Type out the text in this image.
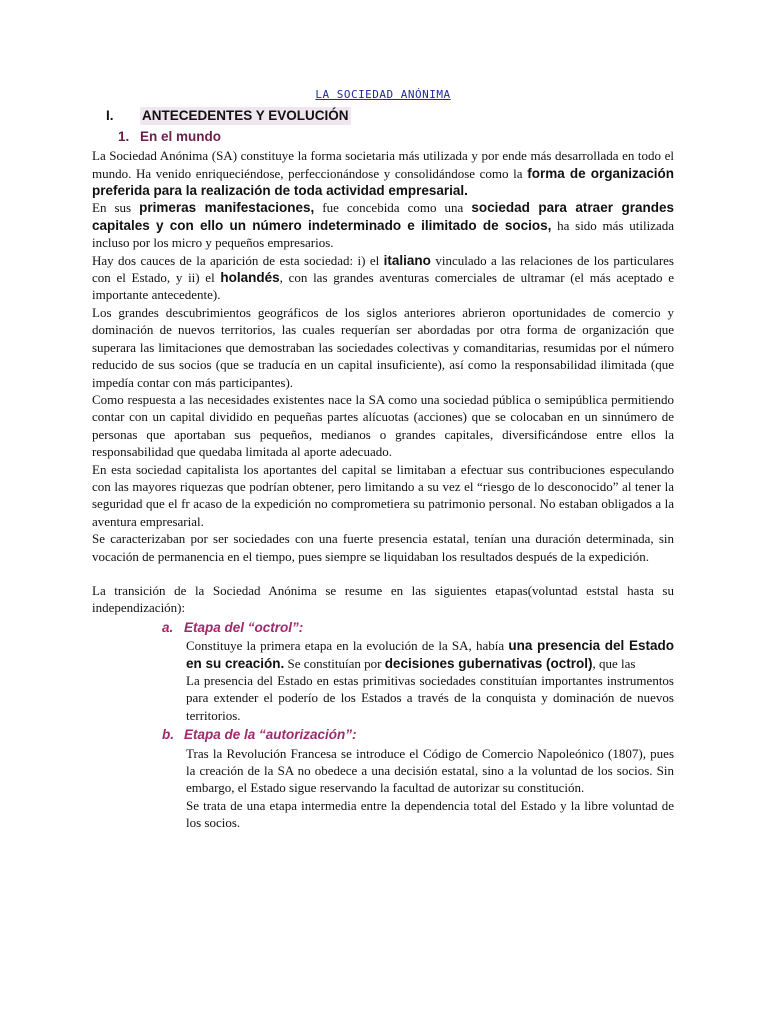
LA SOCIEDAD ANÓNIMA
I.	ANTECEDENTES Y EVOLUCIÓN
1. En el mundo

La Sociedad Anónima (SA) constituye la forma societaria más utilizada y por ende más desarrollada en todo el mundo. Ha venido enriqueciéndose, perfeccionándose y consolidándose como la forma de organización preferida para la realización de toda actividad empresarial.

En sus primeras manifestaciones, fue concebida como una sociedad para atraer grandes capitales y con ello un número indeterminado e ilimitado de socios, ha sido más utilizada incluso por los micro y pequeños empresarios.

Hay dos cauces de la aparición de esta sociedad: i) el italiano vinculado a las relaciones de los particulares con el Estado, y ii) el holandés, con las grandes aventuras comerciales de ultramar (el más aceptado e importante antecedente).

Los grandes descubrimientos geográficos de los siglos anteriores abrieron oportunidades de comercio y dominación de nuevos territorios, las cuales requerían ser abordadas por otra forma de organización que superara las limitaciones que demostraban las sociedades colectivas y comanditarias, resumidas por el número reducido de sus socios (que se traducía en un capital insuficiente), así como la responsabilidad ilimitada (que impedía contar con más participantes).

Como respuesta a las necesidades existentes nace la SA como una sociedad pública o semipública permitiendo contar con un capital dividido en pequeñas partes alícuotas (acciones) que se colocaban en un sinnúmero de personas que aportaban sus pequeños, medianos o grandes capitales, diversificándose entre ellos la responsabilidad que quedaba limitada al aporte adecuado.

En esta sociedad capitalista los aportantes del capital se limitaban a efectuar sus contribuciones especulando con las mayores riquezas que podrían obtener, pero limitando a su vez el “riesgo de lo desconocido” al tener la seguridad que el fr acaso de la expedición no comprometiera su patrimonio personal. No estaban obligados a la aventura empresarial.

Se caracterizaban por ser sociedades con una fuerte presencia estatal, tenían una duración determinada, sin vocación de permanencia en el tiempo, pues siempre se liquidaban los resultados después de la expedición.

La transición de la Sociedad Anónima se resume en las siguientes etapas(voluntad eststal hasta su independización):

a. Etapa del “octrol”:

Constituye la primera etapa en la evolución de la SA, había una presencia del Estado en su creación. Se constituían por decisiones gubernativas (octrol), que las

La presencia del Estado en estas primitivas sociedades constituían importantes instrumentos para extender el poderío de los Estados a través de la conquista y dominación de nuevos territorios.

b. Etapa de la “autorización”:

Tras la Revolución Francesa se introduce el Código de Comercio Napoleónico (1807), pues la creación de la SA no obedece a una decisión estatal, sino a la voluntad de los socios. Sin embargo, el Estado sigue reservando la facultad de autorizar su constitución.

Se trata de una etapa intermedia entre la dependencia total del Estado y la libre voluntad de los socios.
